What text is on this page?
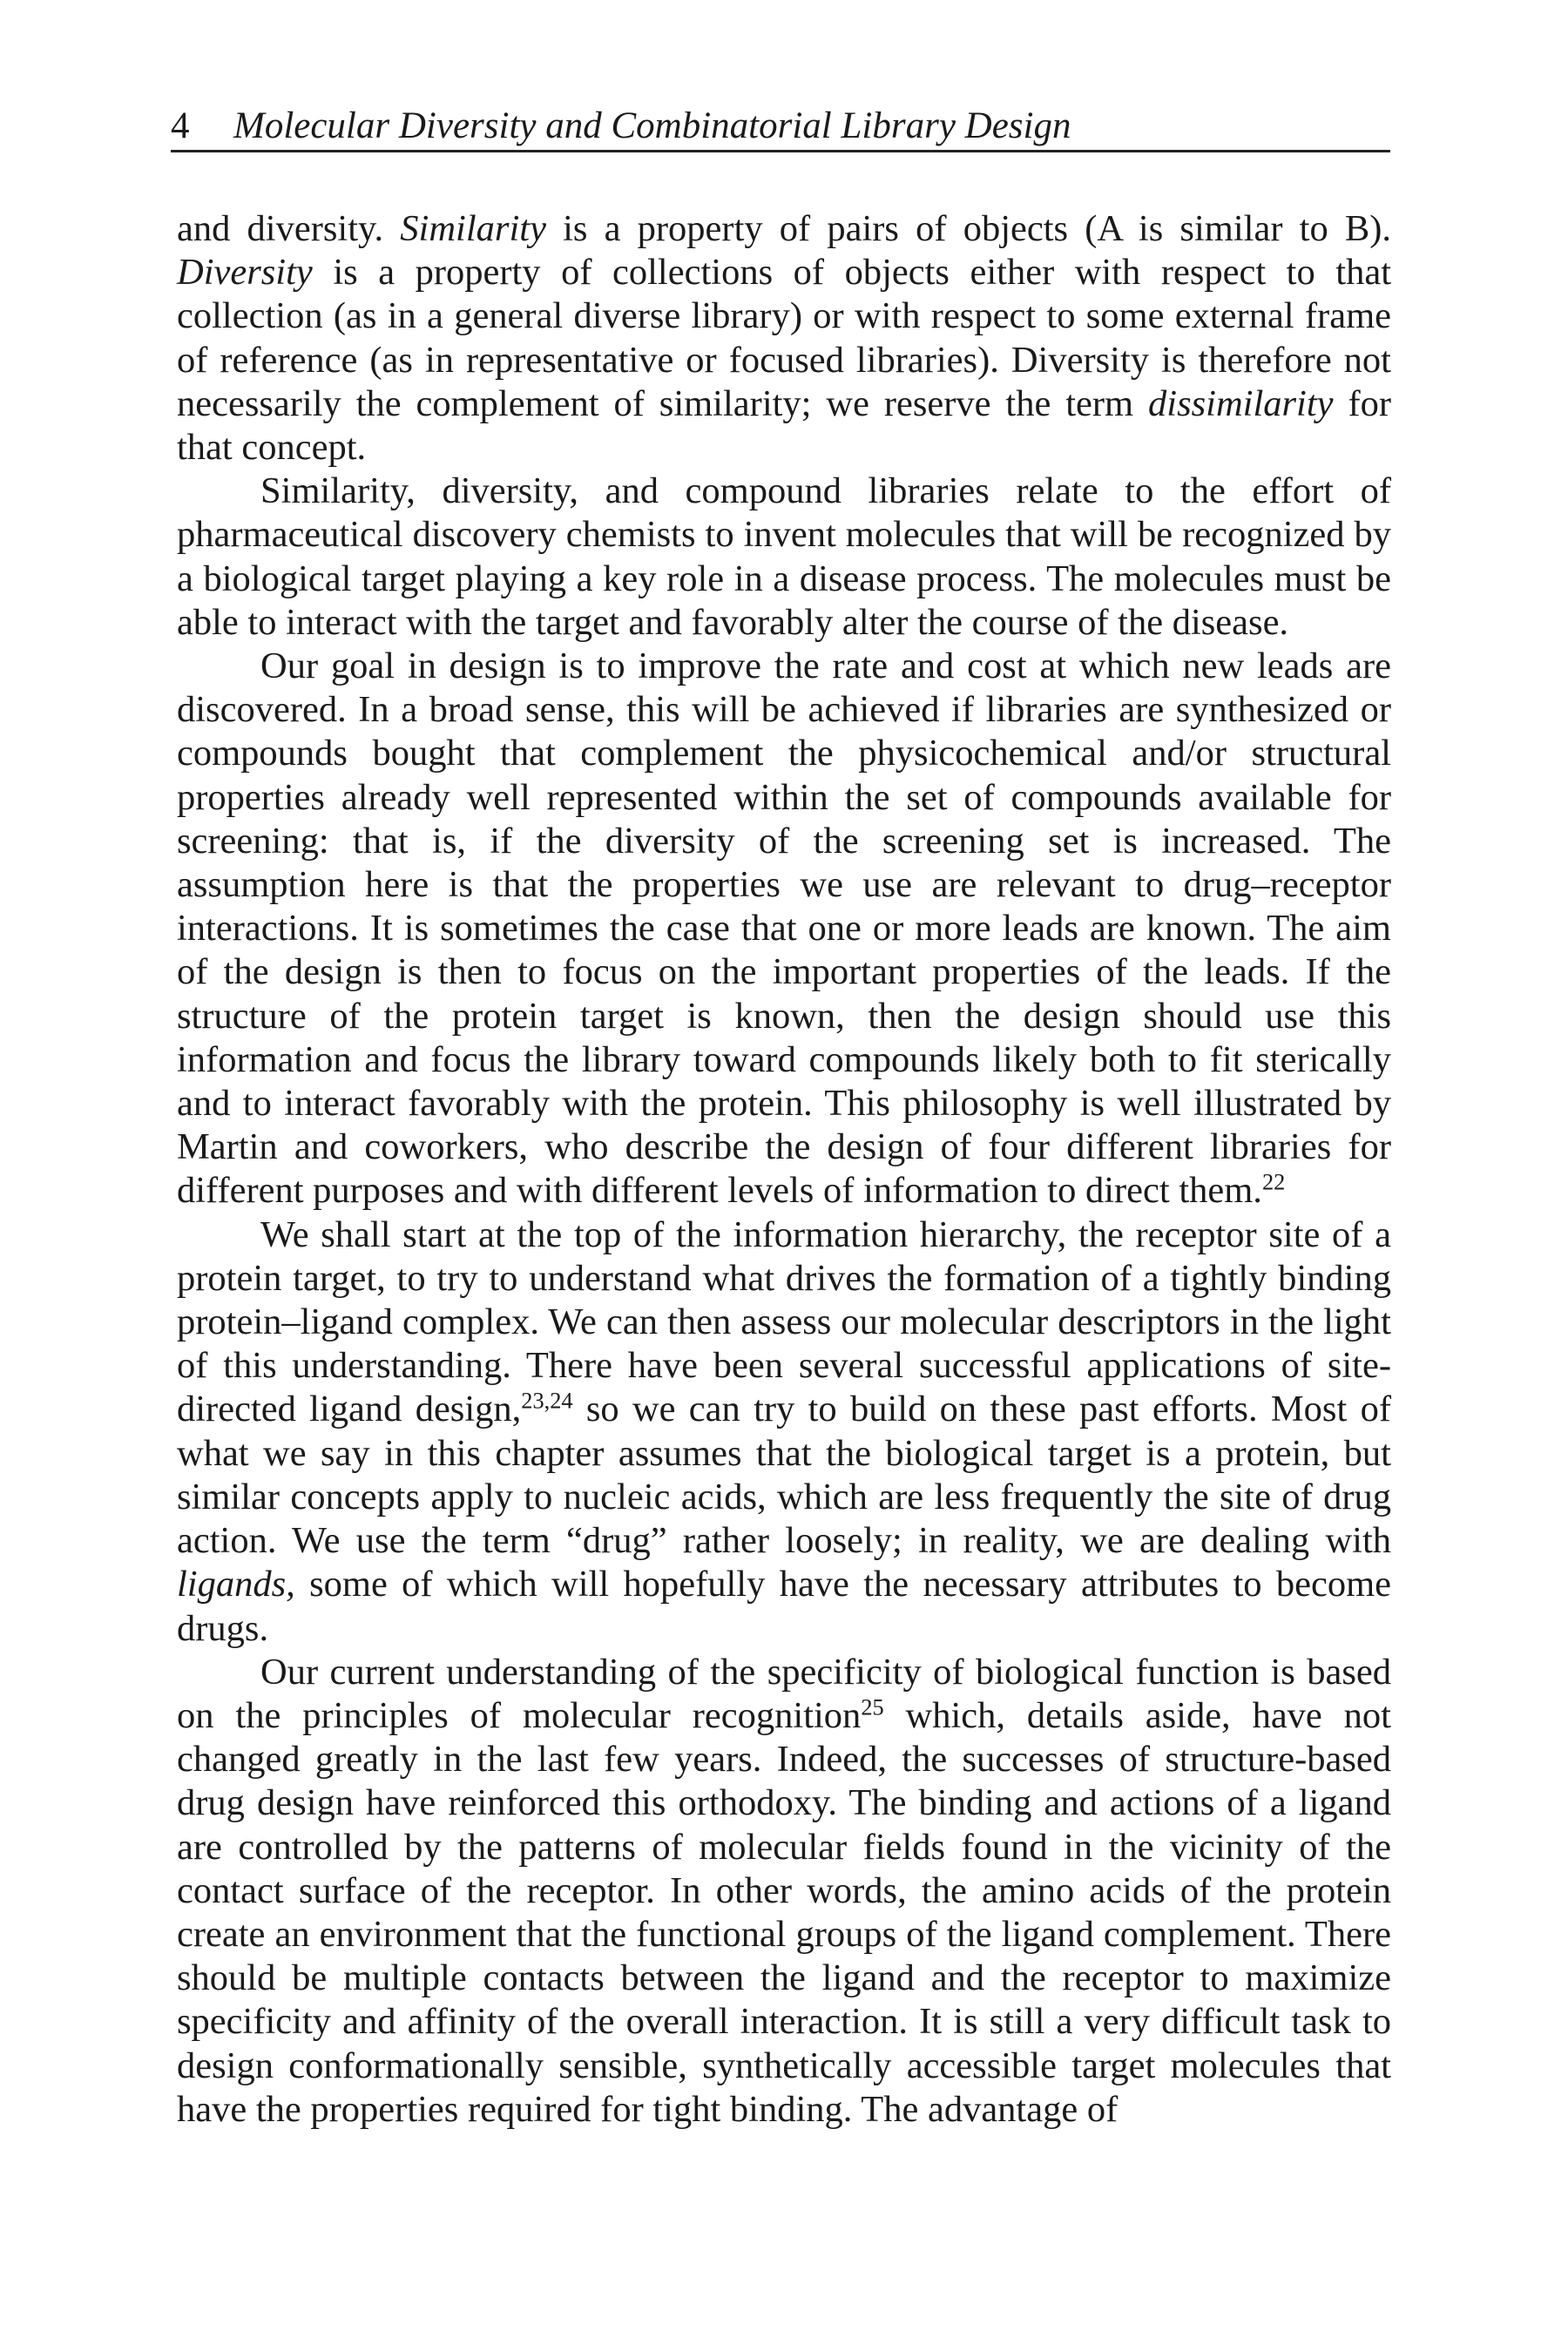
4 Molecular Diversity and Combinatorial Library Design

and diversity. Similarity is a property of pairs of objects (A is similar to B). Diversity is a property of collections of objects either with respect to that collection (as in a general diverse library) or with respect to some external frame of reference (as in representative or focused libraries). Diversity is therefore not necessarily the complement of similarity; we reserve the term dissimilarity for that concept.

Similarity, diversity, and compound libraries relate to the effort of pharmaceutical discovery chemists to invent molecules that will be recognized by a biological target playing a key role in a disease process. The molecules must be able to interact with the target and favorably alter the course of the disease.

Our goal in design is to improve the rate and cost at which new leads are discovered. In a broad sense, this will be achieved if libraries are synthesized or compounds bought that complement the physicochemical and/or structural properties already well represented within the set of compounds available for screening: that is, if the diversity of the screening set is increased. The assumption here is that the properties we use are relevant to drug–receptor interactions. It is sometimes the case that one or more leads are known. The aim of the design is then to focus on the important properties of the leads. If the structure of the protein target is known, then the design should use this information and focus the library toward compounds likely both to fit sterically and to interact favorably with the protein. This philosophy is well illustrated by Martin and coworkers, who describe the design of four different libraries for different purposes and with different levels of information to direct them.$^{22}$

We shall start at the top of the information hierarchy, the receptor site of a protein target, to try to understand what drives the formation of a tightly binding protein–ligand complex. We can then assess our molecular descriptors in the light of this understanding. There have been several successful applications of site-directed ligand design,$^{23,24}$ so we can try to build on these past efforts. Most of what we say in this chapter assumes that the biological target is a protein, but similar concepts apply to nucleic acids, which are less frequently the site of drug action. We use the term “drug” rather loosely; in reality, we are dealing with ligands, some of which will hopefully have the necessary attributes to become drugs.

Our current understanding of the specificity of biological function is based on the principles of molecular recognition$^{25}$ which, details aside, have not changed greatly in the last few years. Indeed, the successes of structure-based drug design have reinforced this orthodoxy. The binding and actions of a ligand are controlled by the patterns of molecular fields found in the vicinity of the contact surface of the receptor. In other words, the amino acids of the protein create an environment that the functional groups of the ligand complement. There should be multiple contacts between the ligand and the receptor to maximize specificity and affinity of the overall interaction. It is still a very difficult task to design conformationally sensible, synthetically accessible target molecules that have the properties required for tight binding. The advantage of
